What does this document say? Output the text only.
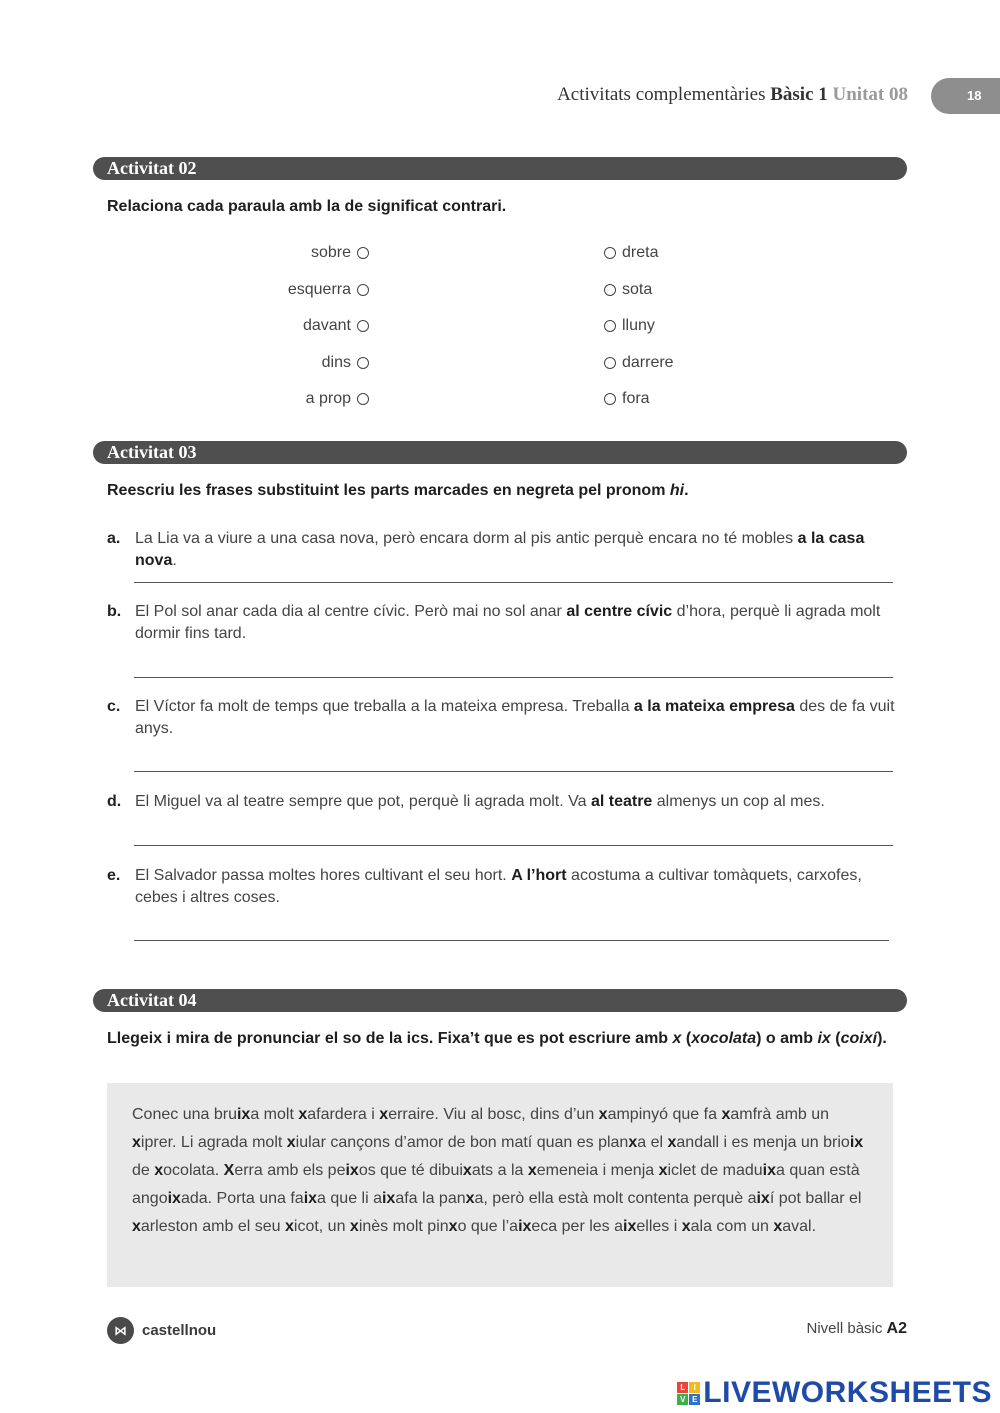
Activitats complementàries Bàsic 1 Unitat 08	18
Activitat 02
Relaciona cada paraula amb la de significat contrari.
sobre	dreta
esquerra	sota
davant	lluny
dins	darrere
a prop	fora
Activitat 03
Reescriu les frases substituint les parts marcades en negreta pel pronom hi.
a. La Lia va a viure a una casa nova, però encara dorm al pis antic perquè encara no té mobles a la casa nova.
b. El Pol sol anar cada dia al centre cívic. Però mai no sol anar al centre cívic d’hora, perquè li agrada molt dormir fins tard.
c. El Víctor fa molt de temps que treballa a la mateixa empresa. Treballa a la mateixa empresa des de fa vuit anys.
d. El Miguel va al teatre sempre que pot, perquè li agrada molt. Va al teatre almenys un cop al mes.
e. El Salvador passa moltes hores cultivant el seu hort. A l’hort acostuma a cultivar tomàquets, carxofes, cebes i altres coses.
Activitat 04
Llegeix i mira de pronunciar el so de la ics. Fixa’t que es pot escriure amb x (xocolata) o amb ix (coixí).

Conec una bruixa molt xafardera i xerraire. Viu al bosc, dins d’un xampinyó que fa xamfrà amb un xiprer. Li agrada molt xiular cançons d’amor de bon matí quan es planxa el xandall i es menja un brioix de xocolata. Xerra amb els peixos que té dibuixats a la xemeneia i menja xiclet de maduixa quan està angoixada. Porta una faixa que li aixafa la panxa, però ella està molt contenta perquè així pot ballar el xarleston amb el seu xicot, un xinès molt pinxo que l’aixeca per les aixelles i xala com un xaval.

⋈	castellnou	Nivell bàsic A2
L	I
V E LIVEWORKSHEETS
